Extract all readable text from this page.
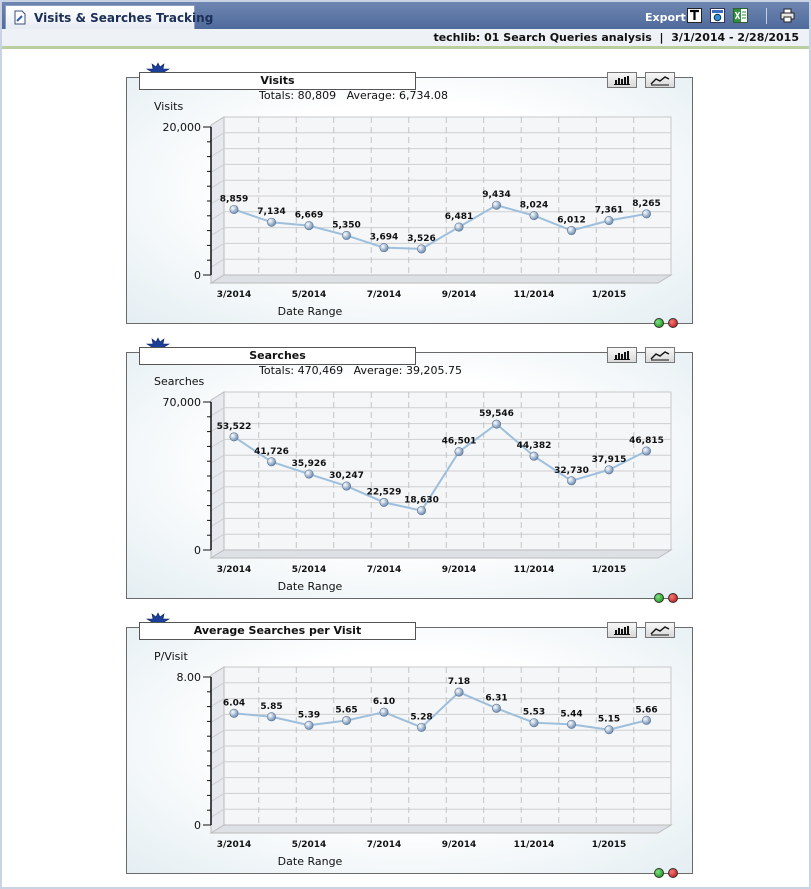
Visits & Searches Tracking	Export
techlib: 01 Search Queries analysis  |  3/1/2014 - 2/28/2015
Visits
Totals: 80,809   Average: 6,734.08
20,000
0
Visits
3/2014	5/2014	7/2014	9/2014	11/2014	1/2015
Date Range
8,859
7,134 6,669
5,350
3,694 3,526
6,481
9,434
8,024
6,012
7,361
8,265
Searches
Totals: 470,469   Average: 39,205.75
70,000
0
Searches
3/2014	5/2014	7/2014	9/2014	11/2014	1/2015
Date Range
53,522
41,726
35,926
30,247
22,529
18,630
46,501
59,546
44,382
32,730
37,915
46,815
Average Searches per Visit
8.00
0
P/Visit
3/2014	5/2014	7/2014	9/2014	11/2014	1/2015
Date Range
6.04 5.85
5.39 5.65
6.10
5.28
7.18
6.31
5.53 5.44
5.15
5.66
